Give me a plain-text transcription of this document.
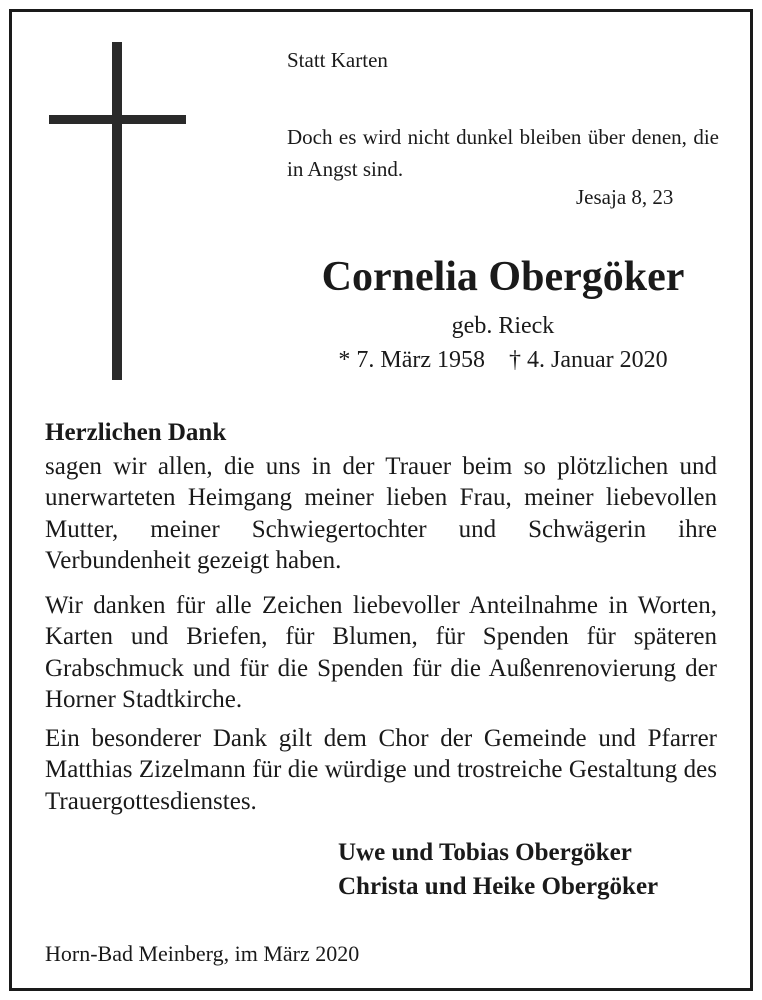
Statt Karten
Doch es wird nicht dunkel bleiben über denen, die in Angst sind.
Jesaja 8, 23
Cornelia Obergöker
geb. Rieck
* 7. März 1958 † 4. Januar 2020
Herzlichen Dank

sagen wir allen, die uns in der Trauer beim so plötzlichen und unerwarteten Heimgang meiner lieben Frau, meiner liebevollen Mutter, meiner Schwiegertochter und Schwägerin ihre Verbundenheit gezeigt haben.

Wir danken für alle Zeichen liebevoller Anteilnahme in Worten, Karten und Briefen, für Blumen, für Spenden für späteren Grabschmuck und für die Spenden für die Außenrenovierung der Horner Stadtkirche.

Ein besonderer Dank gilt dem Chor der Gemeinde und Pfarrer Matthias Zizelmann für die würdige und trostreiche Gestaltung des Trauergottesdienstes.

Uwe und Tobias Obergöker
Christa und Heike Obergöker
Horn-Bad Meinberg, im März 2020
